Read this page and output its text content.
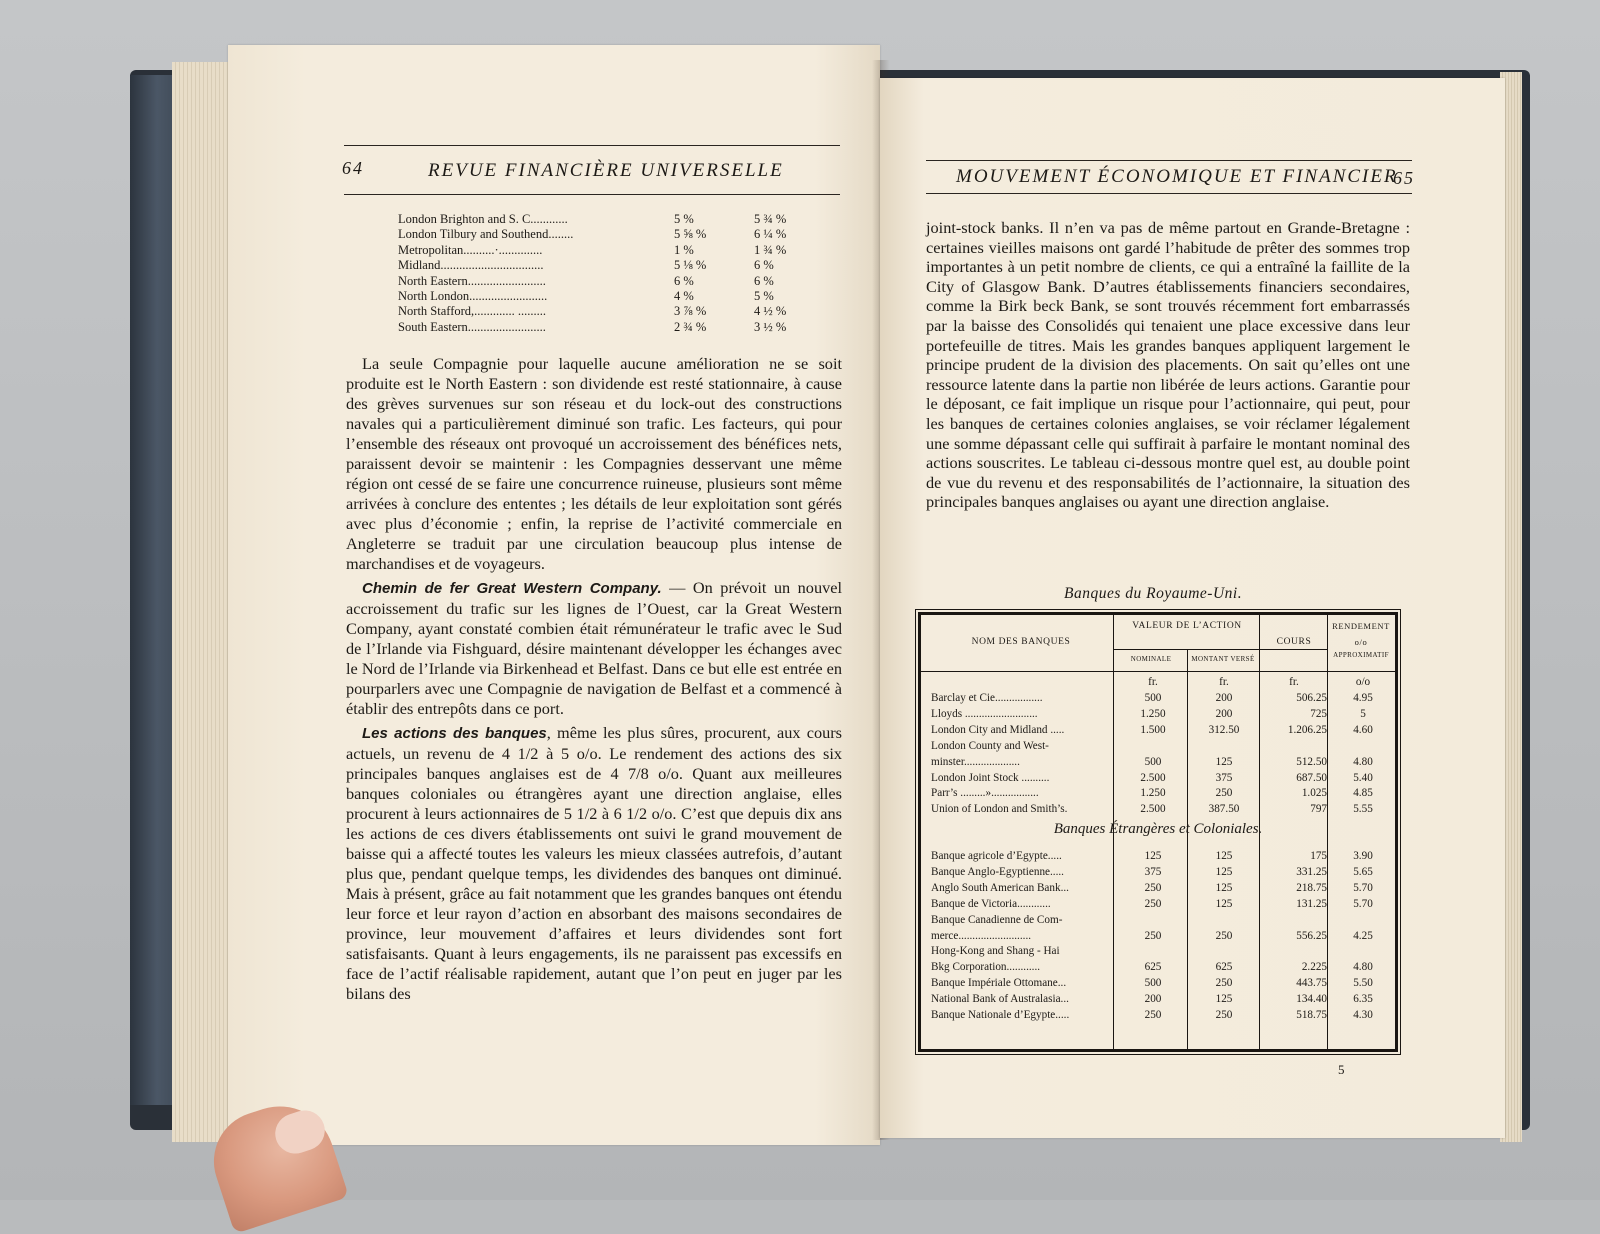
64	REVUE FINANCIÈRE UNIVERSELLE
London Brighton and S. C............	5 %	5 ¾ %
London Tilbury and Southend........	5 ⅝ %	6 ¼ %
Metropolitan..........·..............	1 %	1 ¾ %
Midland.................................	5 ⅛ %	6 %
North Eastern.........................	6 %	6 %
North London.........................	4 %	5 %
North Stafford,............. .........	3 ⅞ %	4 ½ %
South Eastern.........................	2 ¾ %	3 ½ %

La seule Compagnie pour laquelle aucune amélioration ne se soit produite est le North Eastern : son dividende est resté stationnaire, à cause des grèves survenues sur son réseau et du lock-out des constructions navales qui a particulièrement diminué son trafic. Les facteurs, qui pour l’ensemble des réseaux ont provoqué un accroissement des bénéfices nets, paraissent devoir se maintenir : les Compagnies desservant une même région ont cessé de se faire une concurrence ruineuse, plusieurs sont même arrivées à conclure des ententes ; les détails de leur exploitation sont gérés avec plus d’économie ; enfin, la reprise de l’activité commerciale en Angleterre se traduit par une circulation beaucoup plus intense de marchandises et de voyageurs.

Chemin de fer Great Western Company. — On prévoit un nouvel accroissement du trafic sur les lignes de l’Ouest, car la Great Western Company, ayant constaté combien était rémunérateur le trafic avec le Sud de l’Irlande via Fishguard, désire maintenant développer les échanges avec le Nord de l’Irlande via Birkenhead et Belfast. Dans ce but elle est entrée en pourparlers avec une Compagnie de navigation de Belfast et a commencé à établir des entrepôts dans ce port.

Les actions des banques, même les plus sûres, procurent, aux cours actuels, un revenu de 4 1/2 à 5 o/o. Le rendement des actions des six principales banques anglaises est de 4 7/8 o/o. Quant aux meilleures banques coloniales ou étrangères ayant une direction anglaise, elles procurent à leurs actionnaires de 5 1/2 à 6 1/2 o/o. C’est que depuis dix ans les actions de ces divers établissements ont suivi le grand mouvement de baisse qui a affecté toutes les valeurs les mieux classées autrefois, d’autant plus que, pendant quelque temps, les dividendes des banques ont diminué. Mais à présent, grâce au fait notamment que les grandes banques ont étendu leur force et leur rayon d’action en absorbant des maisons secondaires de province, leur mouvement d’affaires et leurs dividendes sont fort satisfaisants. Quant à leurs engagements, ils ne paraissent pas excessifs en face de l’actif réalisable rapidement, autant que l’on peut en juger par les bilans des

MOUVEMENT ÉCONOMIQUE ET FINANCIER
65

joint-stock banks. Il n’en va pas de même partout en Grande-Bretagne : certaines vieilles maisons ont gardé l’habitude de prêter des sommes trop importantes à un petit nombre de clients, ce qui a entraîné la faillite de la City of Glasgow Bank. D’autres établissements financiers secondaires, comme la Birk beck Bank, se sont trouvés récemment fort embarrassés par la baisse des Consolidés qui tenaient une place excessive dans leur portefeuille de titres. Mais les grandes banques appliquent largement le principe prudent de la division des placements. On sait qu’elles ont une ressource latente dans la partie non libérée de leurs actions. Garantie pour le déposant, ce fait implique un risque pour l’actionnaire, qui peut, pour les banques de certaines colonies anglaises, se voir réclamer légalement une somme dépassant celle qui suffirait à parfaire le montant nominal des actions souscrites. Le tableau ci-dessous montre quel est, au double point de vue du revenu et des responsabilités de l’actionnaire, la situation des principales banques anglaises ou ayant une direction anglaise.

Banques du Royaume-Uni.
NOM DES BANQUES
VALEUR DE L’ACTION
NOMINALE	MONTANT VERSÉ
COURS
RENDEMENT
o/o
APPROXIMATIF
fr.	fr.	fr.	o/o
Barclay et Cie.................	500	200	506.25	4.95
Lloyds ..........................	1.250	200	725	5
London City and Midland .....	1.500	312.50	1.206.25	4.60
London County and West-
minster....................	500	125	512.50	4.80
London Joint Stock ..........	2.500	375	687.50	5.40
Parr’s .........».................	1.250	250	1.025	4.85
Union of London and Smith’s.	2.500	387.50	797	5.55
Banques Étrangères et Coloniales.
Banque agricole d’Egypte.....	125	125	175	3.90
Banque Anglo-Egyptienne.....	375	125	331.25	5.65
Anglo South American Bank...	250	125	218.75	5.70
Banque de Victoria............	250	125	131.25	5.70
Banque Canadienne de Com-
merce..........................	250	250	556.25	4.25
Hong-Kong and Shang - Hai
Bkg Corporation............	625	625	2.225	4.80
Banque Impériale Ottomane...	500	250	443.75	5.50
National Bank of Australasia...	200	125	134.40	6.35
Banque Nationale d’Egypte.....	250	250	518.75	4.30
5
